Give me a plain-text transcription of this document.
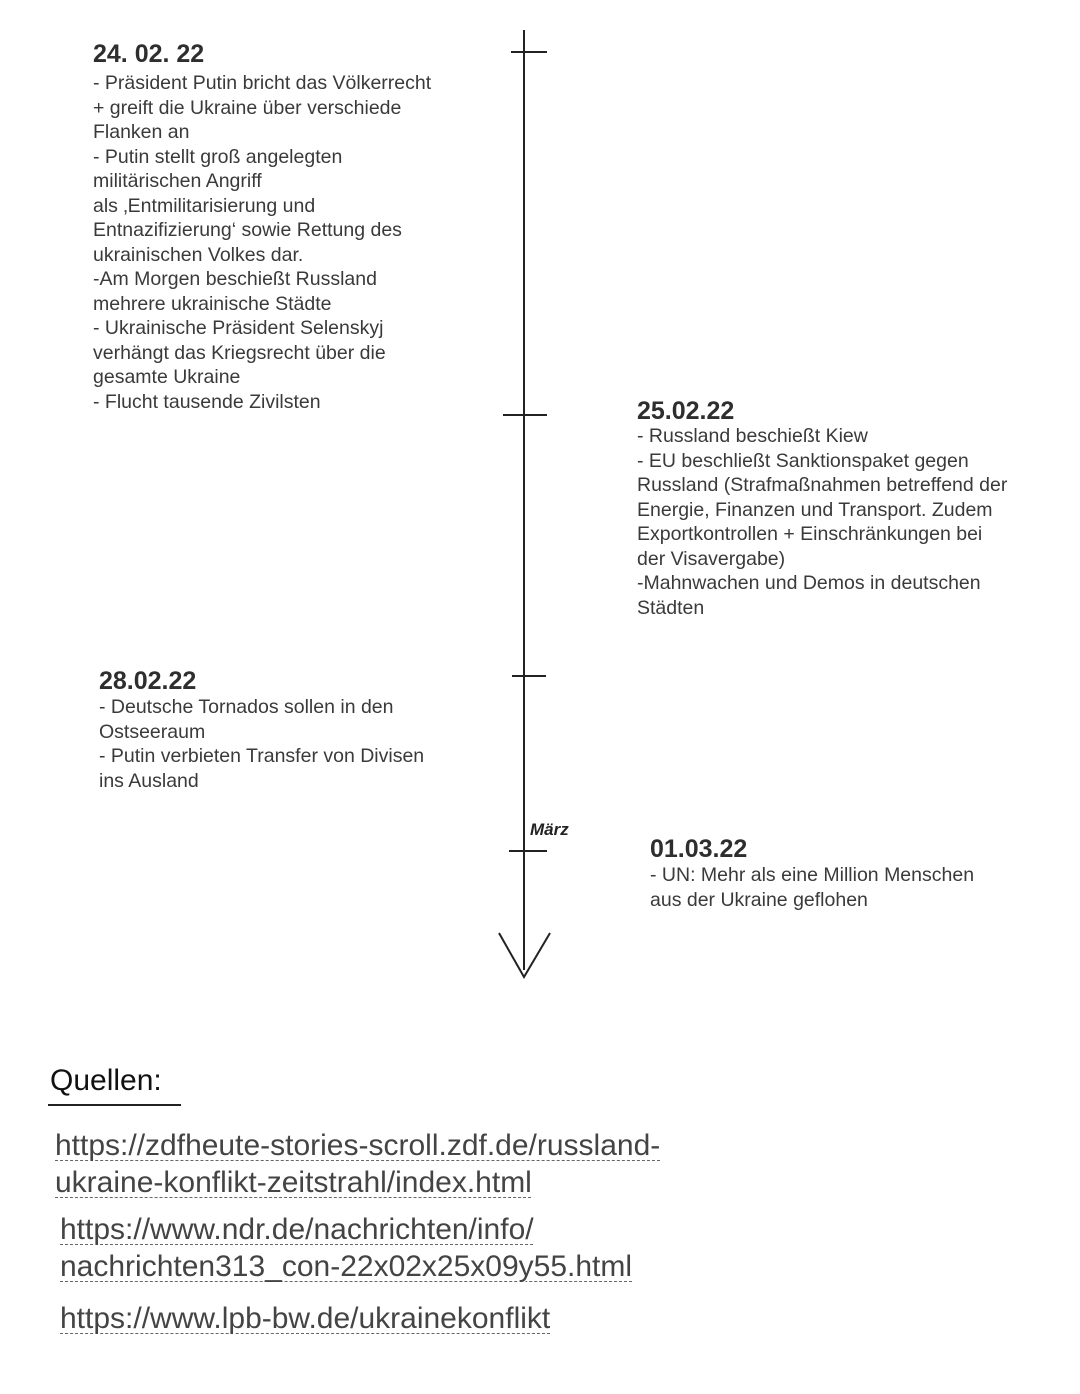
März
24. 02. 22
- Präsident Putin bricht das Völkerrecht
+ greift die Ukraine über verschiede
Flanken an
- Putin stellt groß angelegten
militärischen Angriff
als ‚Entmilitarisierung und
Entnazifizierung‘ sowie Rettung des
ukrainischen Volkes dar.
-Am Morgen beschießt Russland
mehrere ukrainische Städte
- Ukrainische Präsident Selenskyj
verhängt das Kriegsrecht über die
gesamte Ukraine
- Flucht tausende Zivilsten	25.02.22
- Russland beschießt Kiew
- EU beschließt Sanktionspaket gegen
Russland (Strafmaßnahmen betreffend der
Energie, Finanzen und Transport. Zudem
Exportkontrollen + Einschränkungen bei
der Visavergabe)
-Mahnwachen und Demos in deutschen
Städten
28.02.22
- Deutsche Tornados sollen in den
Ostseeraum
- Putin verbieten Transfer von Divisen
ins Ausland
01.03.22
- UN: Mehr als eine Million Menschen
aus der Ukraine geflohen
Quellen:
https://zdfheute-stories-scroll.zdf.de/russland-
ukraine-konflikt-zeitstrahl/index.html
https://www.ndr.de/nachrichten/info/
nachrichten313_con-22x02x25x09y55.html
https://www.lpb-bw.de/ukrainekonflikt
